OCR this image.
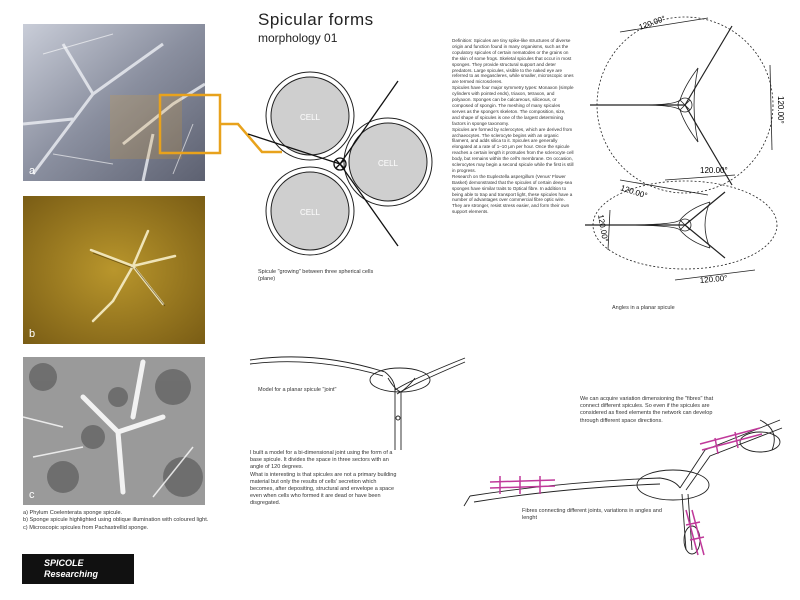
a
b
c
a) Phylum Coelenterata sponge spicule.
b) Sponge spicule highlighted using oblique illumination with coloured light.
c) Microscopic spicules from Pachastrellid sponge.
SPICOLE
Researching
Spicular forms
morphology 01
CELL
CELL
CELL
Spicule "growing" between three spherical cells (plane)
Definition: Spicules are tiny spike-like structures of diverse origin and function found in many organisms, such as the copulatory spicules of certain nematodes or the grains on the skin of some frogs. Skeletal spicules that occur in most sponges. They provide structural support and deter predators. Large spicules, visible to the naked eye are referred to as megascleres, while smaller, microscopic ones are termed microscleres.
Spicules have four major symmetry types: Monaxon (simple cylinders with pointed ends), triaxon, tetraxon, and polyaxon. Sponges can be calcareous, siliceous, or composed of spongin. The meshing of many spicules serves as the sponge's skeleton. The composition, size, and shape of spicules is one of the largest determining factors in sponge taxonomy.
Spicules are formed by sclerocytes, which are derived from archaeocytes. The sclerocyte begins with an organic filament, and adds silica to it. Spicules are generally elongated at a rate of 1–10 μm per hour. Once the spicule reaches a certain length it protrudes from the sclerocyte cell body, but remains within the cell's membrane. On occasion, sclerocytes may begin a second spicule while the first is still in progress.
Research on the Euplectella aspergillum (Venus' Flower Basket) demonstrated that the spicules of certain deep-sea sponges have similar traits to Optical fibre. In addition to being able to trap and transport light, these spicules have a number of advantages over commercial fibre optic wire. They are stronger, resist stress easier, and form their own support elements.
120.00°
120.00°
120.00°
120.00°
120.00°
120.00°
Angles in a planar spicule
Model for a planar spicule "joint"
I built a model for a bi-dimensional joint using the form of a base spicule. It divides the space in three sectors with an angle of 120 degrees.
What is interesting is that spicules are not a primary building material but only the results of cells' secretion which becomes, after depositing, structural and envelope a space even when cells who formed it are dead or have been disgregated.
We can acquire variation dimensioning the "fibres" that connect different spicules. So even if the spicules are considered as fixed elements the network can develop through different space directions.
Fibres connecting different joints, variations in angles and lenght
